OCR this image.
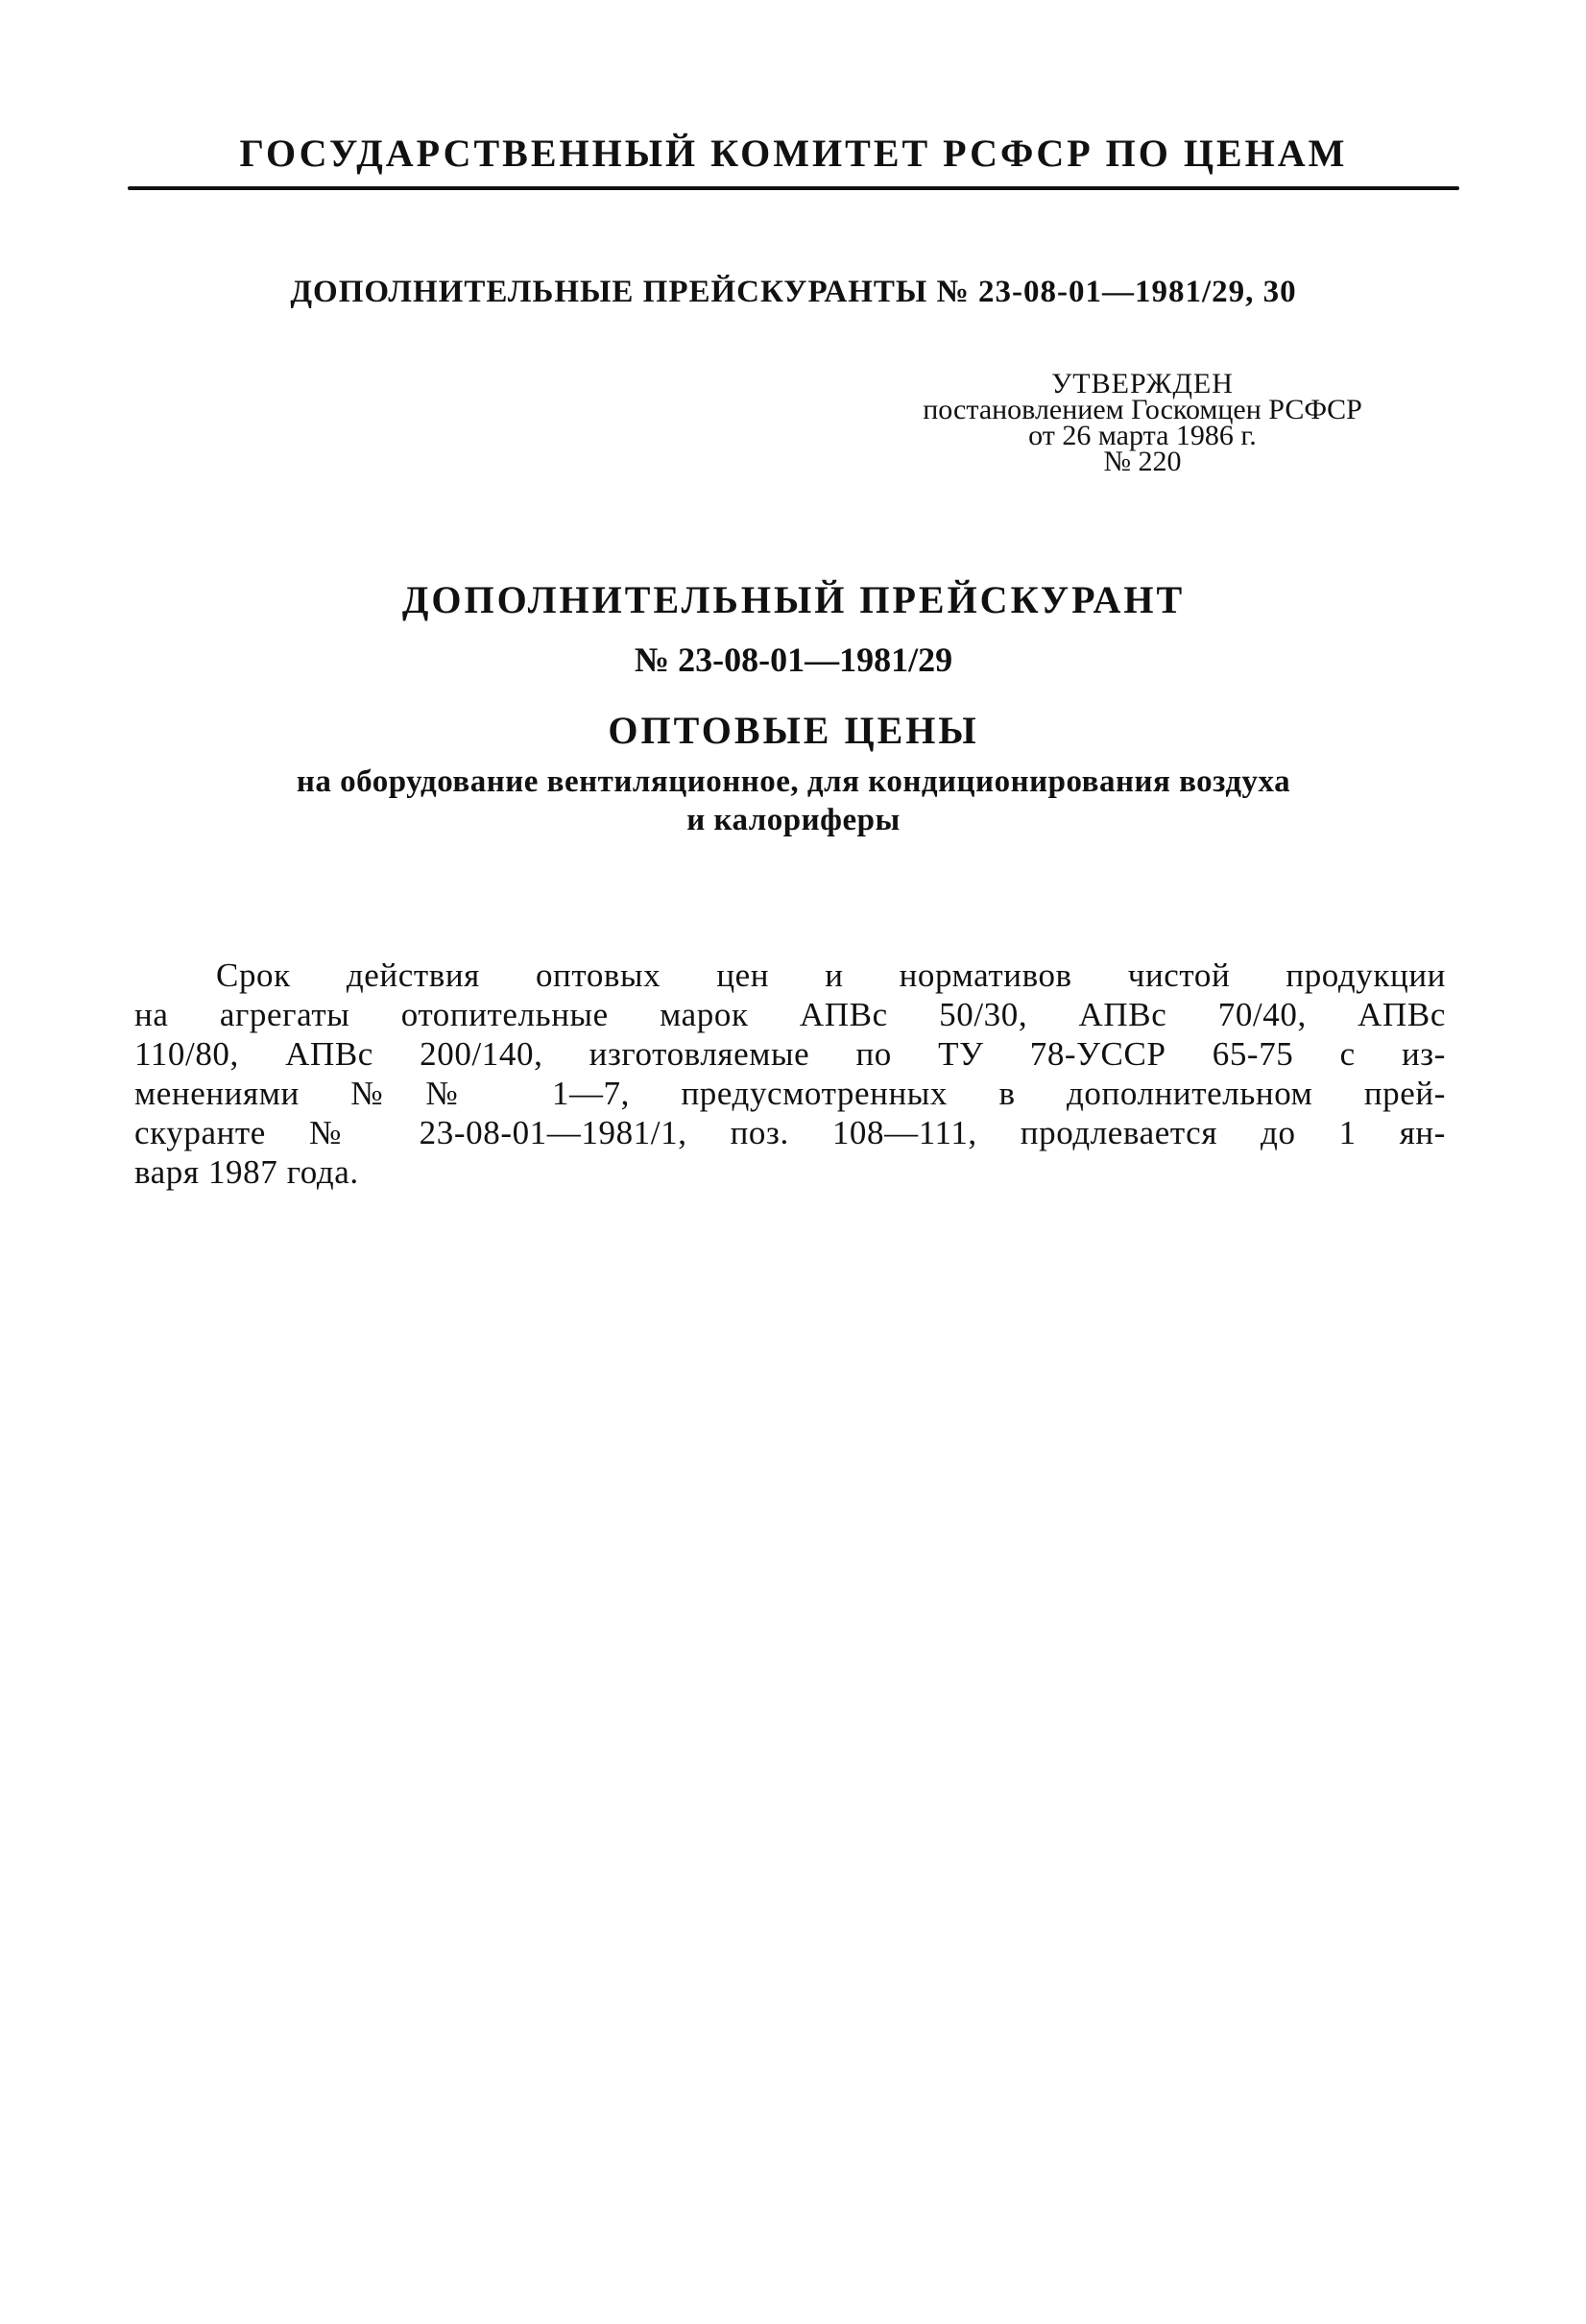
ГОСУДАРСТВЕННЫЙ КОМИТЕТ РСФСР ПО ЦЕНАМ
ДОПОЛНИТЕЛЬНЫЕ ПРЕЙСКУРАНТЫ № 23-08-01—1981/29, 30
УТВЕРЖДЕН
постановлением Госкомцен РСФСР
от 26 марта 1986 г.
№ 220
ДОПОЛНИТЕЛЬНЫЙ ПРЕЙСКУРАНТ
№ 23-08-01—1981/29
ОПТОВЫЕ ЦЕНЫ
на оборудование вентиляционное, для кондиционирования воздуха
и калориферы
Срок действия оптовых цен и нормативов чистой продукции
на агрегаты отопительные марок АПВс 50/30, АПВс 70/40, АПВс
110/80, АПВс 200/140, изготовляемые по ТУ 78-УССР 65-75 с из-
менениями №№ 1—7, предусмотренных в дополнительном прей-
скуранте № 23-08-01—1981/1, поз. 108—111, продлевается до 1 ян-
варя 1987 года.
